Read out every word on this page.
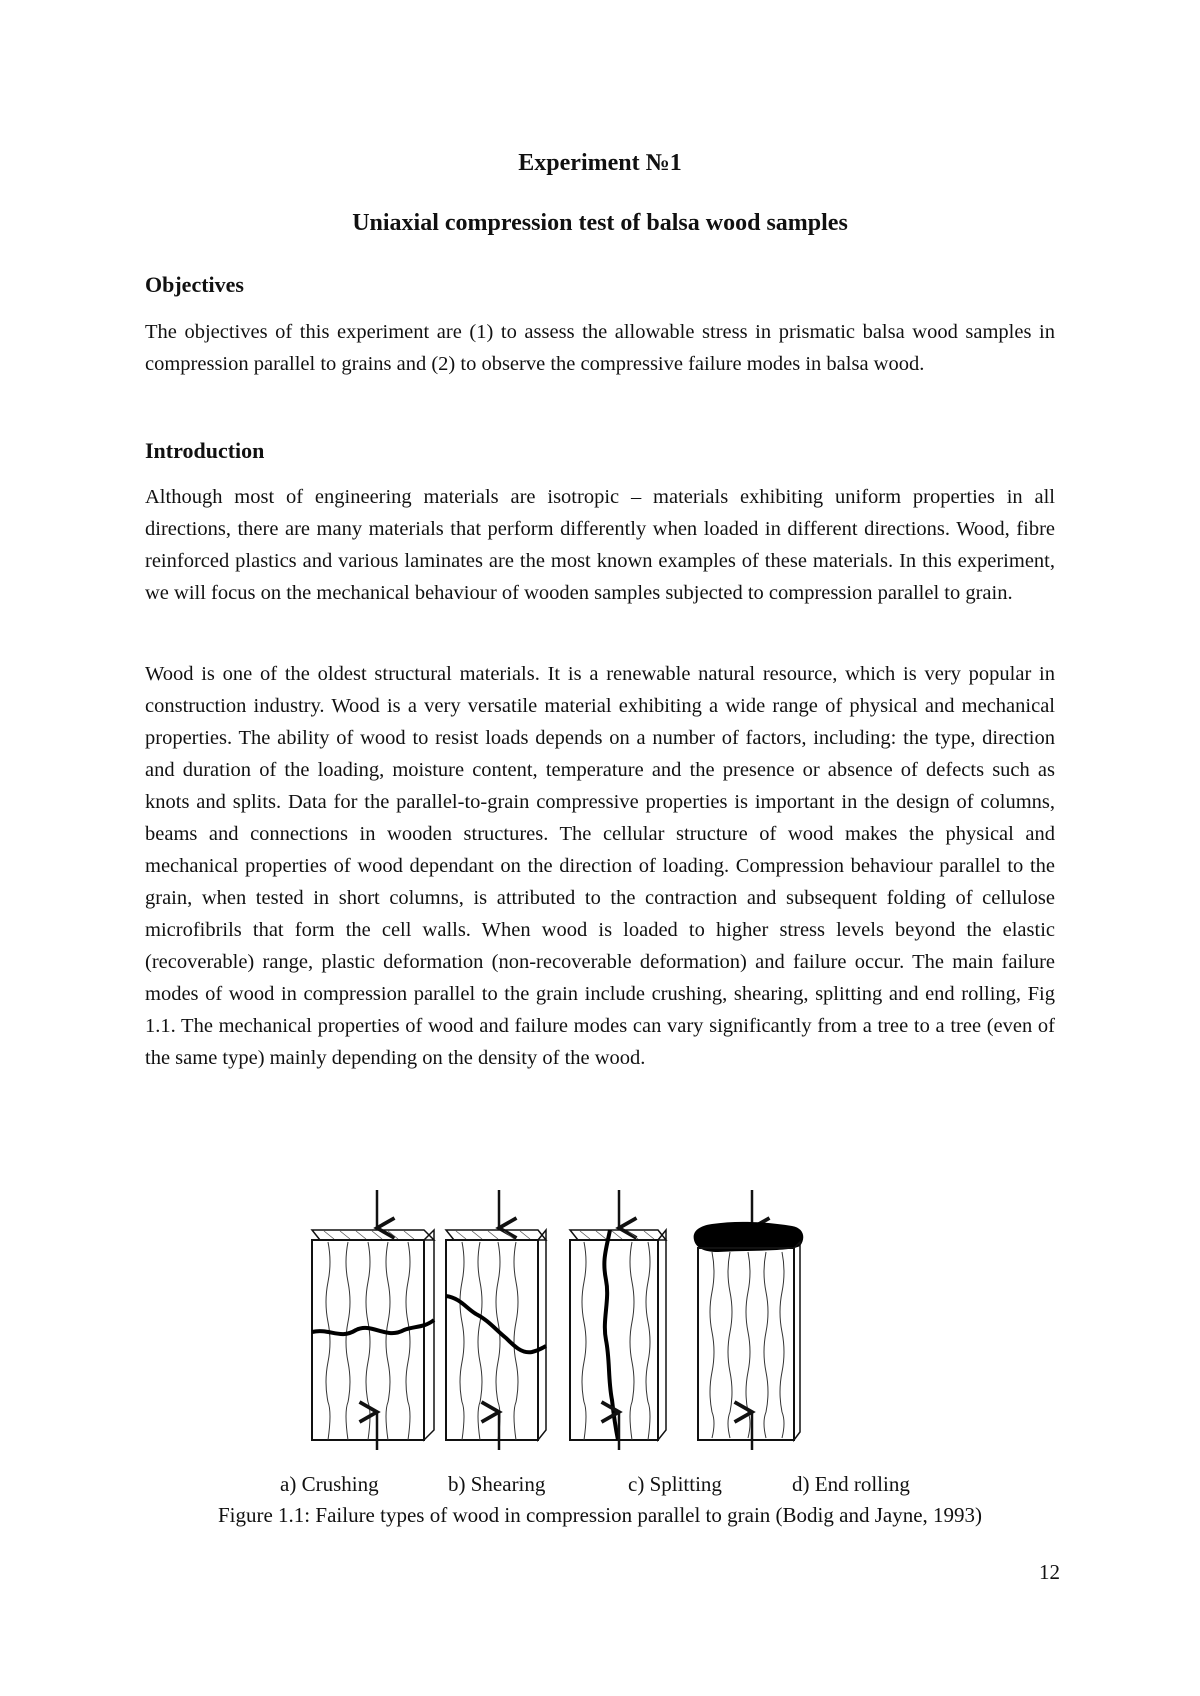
Experiment №1
Uniaxial compression test of balsa wood samples
Objectives

The objectives of this experiment are (1) to assess the allowable stress in prismatic balsa wood samples in compression parallel to grains and (2) to observe the compressive failure modes in balsa wood.

Introduction

Although most of engineering materials are isotropic – materials exhibiting uniform properties in all directions, there are many materials that perform differently when loaded in different directions. Wood, fibre reinforced plastics and various laminates are the most known examples of these materials. In this experiment, we will focus on the mechanical behaviour of wooden samples subjected to compression parallel to grain.

Wood is one of the oldest structural materials. It is a renewable natural resource, which is very popular in construction industry. Wood is a very versatile material exhibiting a wide range of physical and mechanical properties. The ability of wood to resist loads depends on a number of factors, including: the type, direction and duration of the loading, moisture content, temperature and the presence or absence of defects such as knots and splits. Data for the parallel-to-grain compressive properties is important in the design of columns, beams and connections in wooden structures. The cellular structure of wood makes the physical and mechanical properties of wood dependant on the direction of loading. Compression behaviour parallel to the grain, when tested in short columns, is attributed to the contraction and subsequent folding of cellulose microfibrils that form the cell walls. When wood is loaded to higher stress levels beyond the elastic (recoverable) range, plastic deformation (non-recoverable deformation) and failure occur. The main failure modes of wood in compression parallel to the grain include crushing, shearing, splitting and end rolling, Fig 1.1. The mechanical properties of wood and failure modes can vary significantly from a tree to a tree (even of the same type) mainly depending on the density of the wood.

a) Crushing	b) Shearing	c) Splitting	d) End rolling
Figure 1.1: Failure types of wood in compression parallel to grain (Bodig and Jayne, 1993)
12
